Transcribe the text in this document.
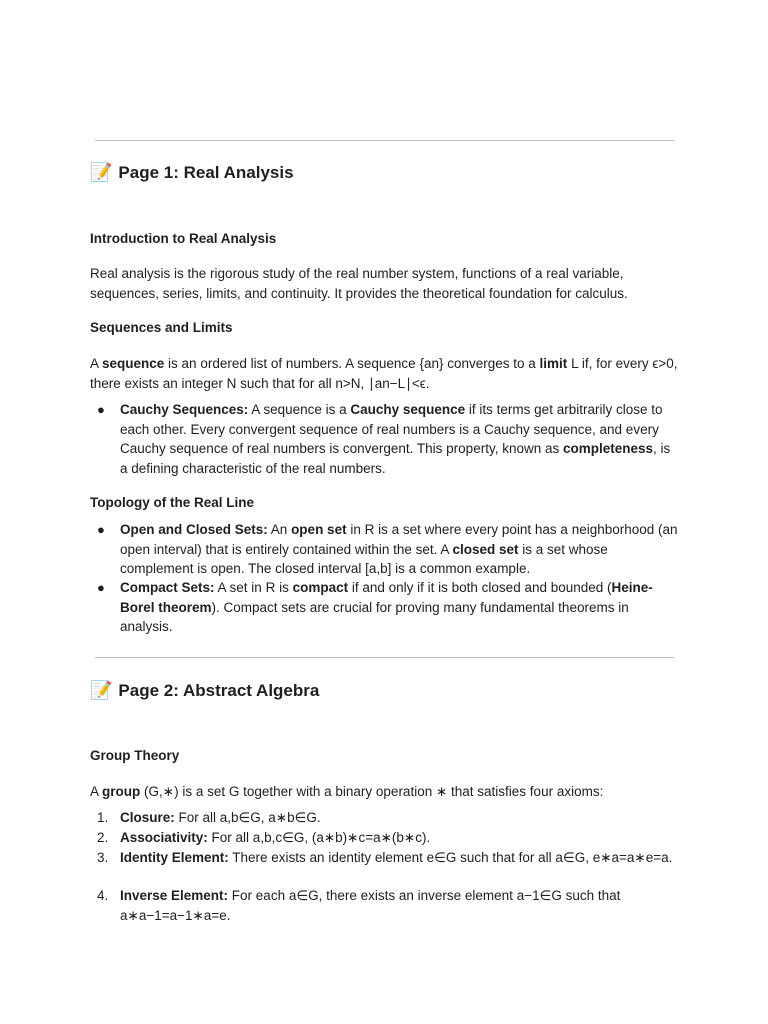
📝 Page 1: Real Analysis
Introduction to Real Analysis
Real analysis is the rigorous study of the real number system, functions of a real variable, sequences, series, limits, and continuity. It provides the theoretical foundation for calculus.
Sequences and Limits
A sequence is an ordered list of numbers. A sequence {an} converges to a limit L if, for every ϵ>0, there exists an integer N such that for all n>N, ∣an−L∣<ϵ.
● Cauchy Sequences: A sequence is a Cauchy sequence if its terms get arbitrarily close to each other. Every convergent sequence of real numbers is a Cauchy sequence, and every Cauchy sequence of real numbers is convergent. This property, known as completeness, is a defining characteristic of the real numbers.
Topology of the Real Line
● Open and Closed Sets: An open set in R is a set where every point has a neighborhood (an open interval) that is entirely contained within the set. A closed set is a set whose complement is open. The closed interval [a,b] is a common example.
● Compact Sets: A set in R is compact if and only if it is both closed and bounded (Heine-Borel theorem). Compact sets are crucial for proving many fundamental theorems in analysis.
📝 Page 2: Abstract Algebra
Group Theory
A group (G,∗) is a set G together with a binary operation ∗ that satisfies four axioms:
1. Closure: For all a,b∈G, a∗b∈G.
2. Associativity: For all a,b,c∈G, (a∗b)∗c=a∗(b∗c).
3. Identity Element: There exists an identity element e∈G such that for all a∈G, e∗a=a∗e=a.
4. Inverse Element: For each a∈G, there exists an inverse element a−1∈G such that a∗a−1=a−1∗a=e.
